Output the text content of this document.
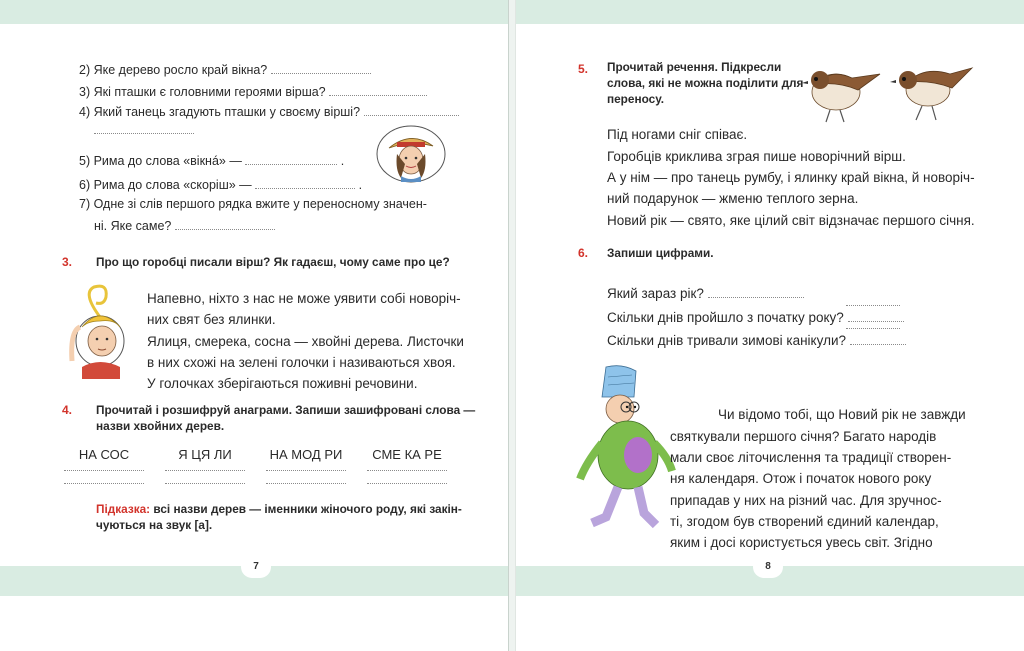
2) Яке дерево росло край вікна?
3) Які пташки є головними героями вірша?
4) Який танець згадують пташки у своєму вірші?
5) Рима до слова «вікнá» —	.
6) Рима до слова «скоріш» —	.
7) Одне зі слів першого рядка вжите у переносному значен-
ні. Яке саме?
3. Про що горобці писали вірш? Як гадаєш, чому саме про це?
Напевно, ніхто з нас не може уявити собі новоріч-
них свят без ялинки.
Ялиця, смерека, сосна — хвойні дерева. Листочки
в них схожі на зелені голочки і називаються хвоя.
У голочках зберігаються поживні речовини.
4. Прочитай і розшифруй анаграми. Запиши зашифровані слова —
назви хвойних дерев.
НА СОС	Я ЦЯ ЛИ	НА МОД РИ	СМЕ КА РЕ
Підказка: всі назви дерев — іменники жіночого роду, які закін-
чуються на звук [а].
7
5. Прочитай речення. Підкресли
слова, які не можна поділити для
переносу.
Під ногами сніг співає.
Горобців крикливa зграя пише новорічний вірш.
А у нім — про танець румбу, і ялинку край вікна, й новоріч-
ний подарунок — жменю теплого зерна.
Новий рік — свято, яке цілий світ відзначає першого січня.
6. Запиши цифрами.
Який зараз рік?
Скільки днів пройшло з початку року?
Скільки днів тривали зимові канікули?
Чи відомо тобі, що Новий рік не завжди
святкували першого січня? Багато народів
мали своє літочислення та традиції створен-
ня календаря. Отож і початок нового року
припадав у них на різний час. Для зручнос-
ті, згодом був створений єдиний календар,
яким і досі користується увесь світ. Згідно
8
